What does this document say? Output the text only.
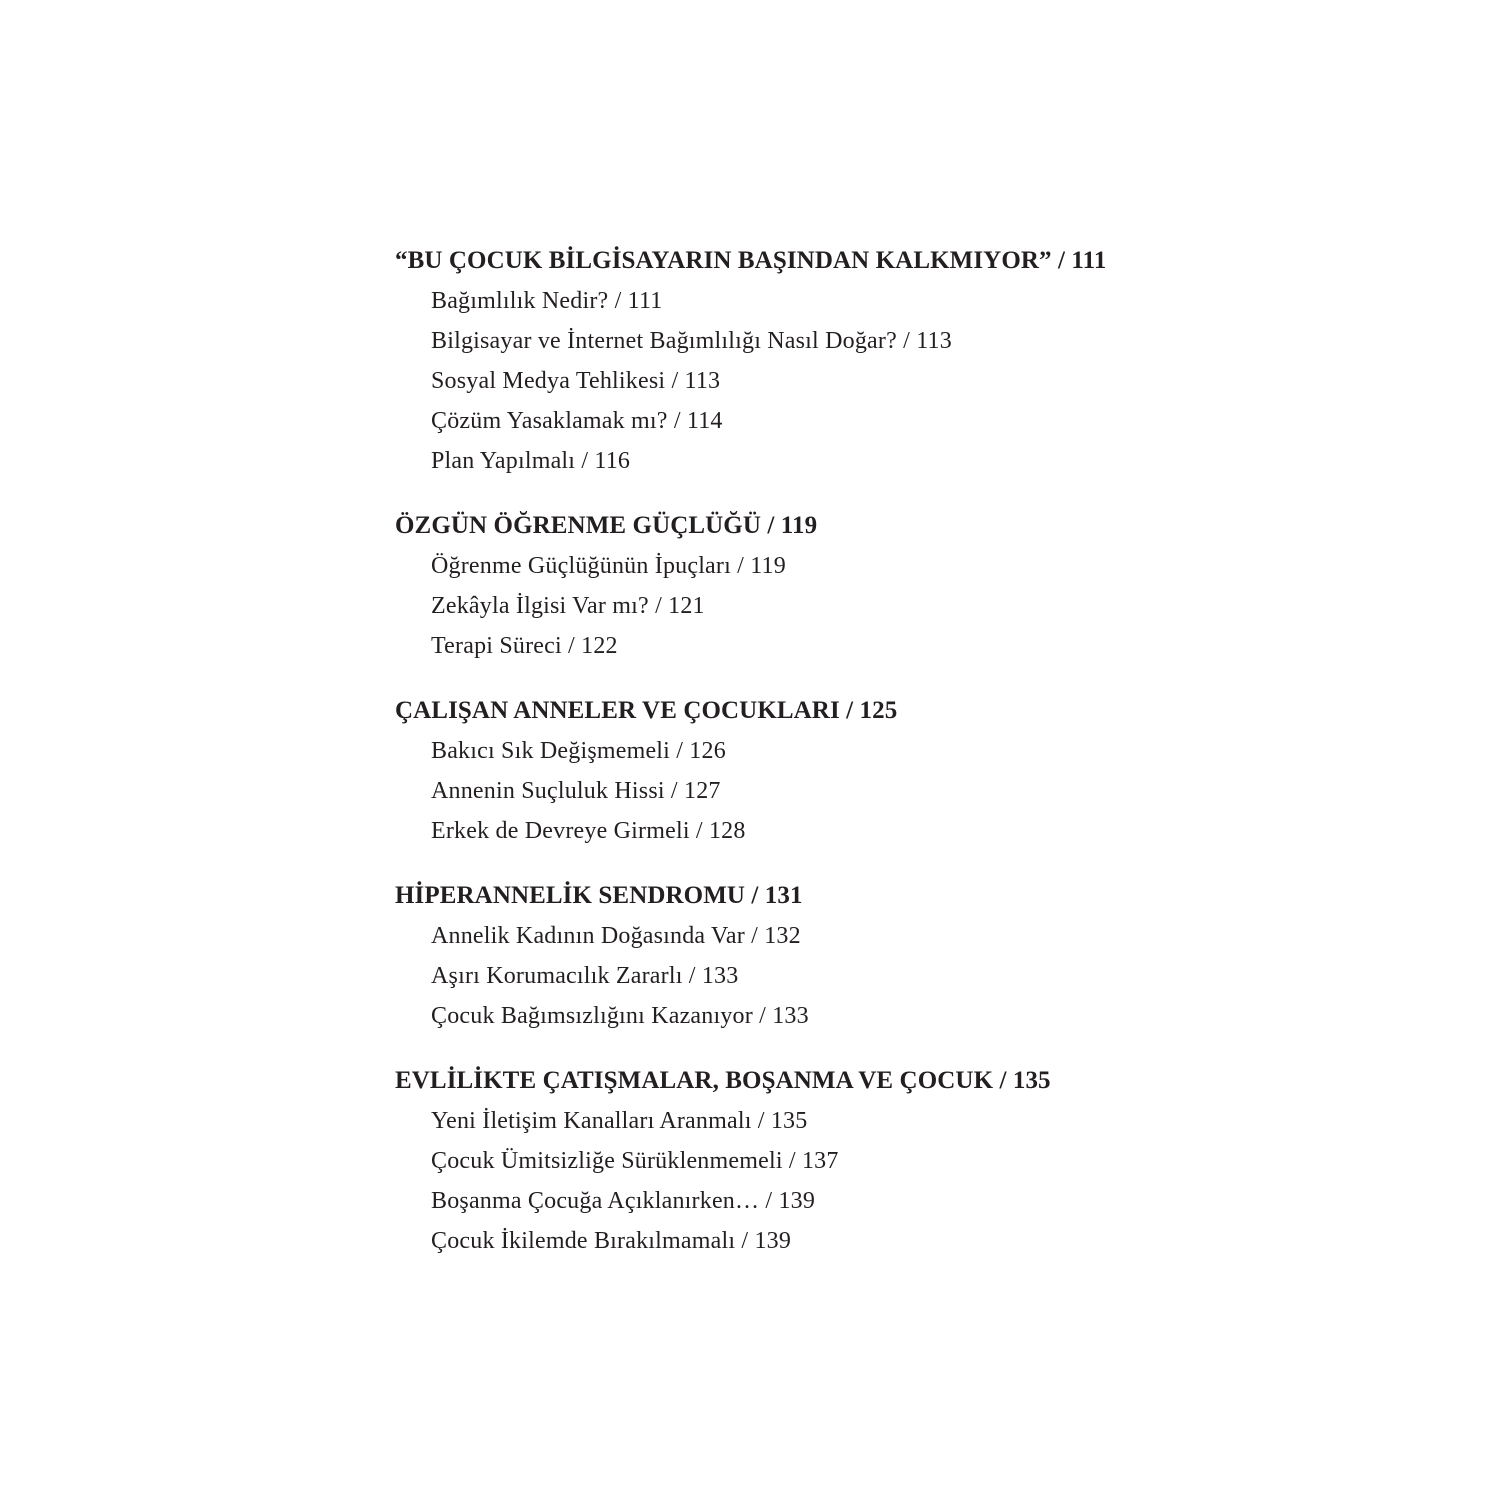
“BU ÇOCUK BİLGİSAYARIN BAŞINDAN KALKMIYOR” / 111
Bağımlılık Nedir? / 111
Bilgisayar ve İnternet Bağımlılığı Nasıl Doğar? / 113
Sosyal Medya Tehlikesi / 113
Çözüm Yasaklamak mı? / 114
Plan Yapılmalı / 116
ÖZGÜN ÖĞRENME GÜÇLÜĞÜ / 119
Öğrenme Güçlüğünün İpuçları / 119
Zekâyla İlgisi Var mı? / 121
Terapi Süreci / 122
ÇALIŞAN ANNELER VE ÇOCUKLARI / 125
Bakıcı Sık Değişmemeli / 126
Annenin Suçluluk Hissi / 127
Erkek de Devreye Girmeli / 128
HİPERANNELİK SENDROMU / 131
Annelik Kadının Doğasında Var / 132
Aşırı Korumacılık Zararlı / 133
Çocuk Bağımsızlığını Kazanıyor / 133
EVLİLİKTE ÇATIŞMALAR, BOŞANMA VE ÇOCUK / 135
Yeni İletişim Kanalları Aranmalı / 135
Çocuk Ümitsizliğe Sürüklenmemeli / 137
Boşanma Çocuğa Açıklanırken… / 139
Çocuk İkilemde Bırakılmamalı / 139
